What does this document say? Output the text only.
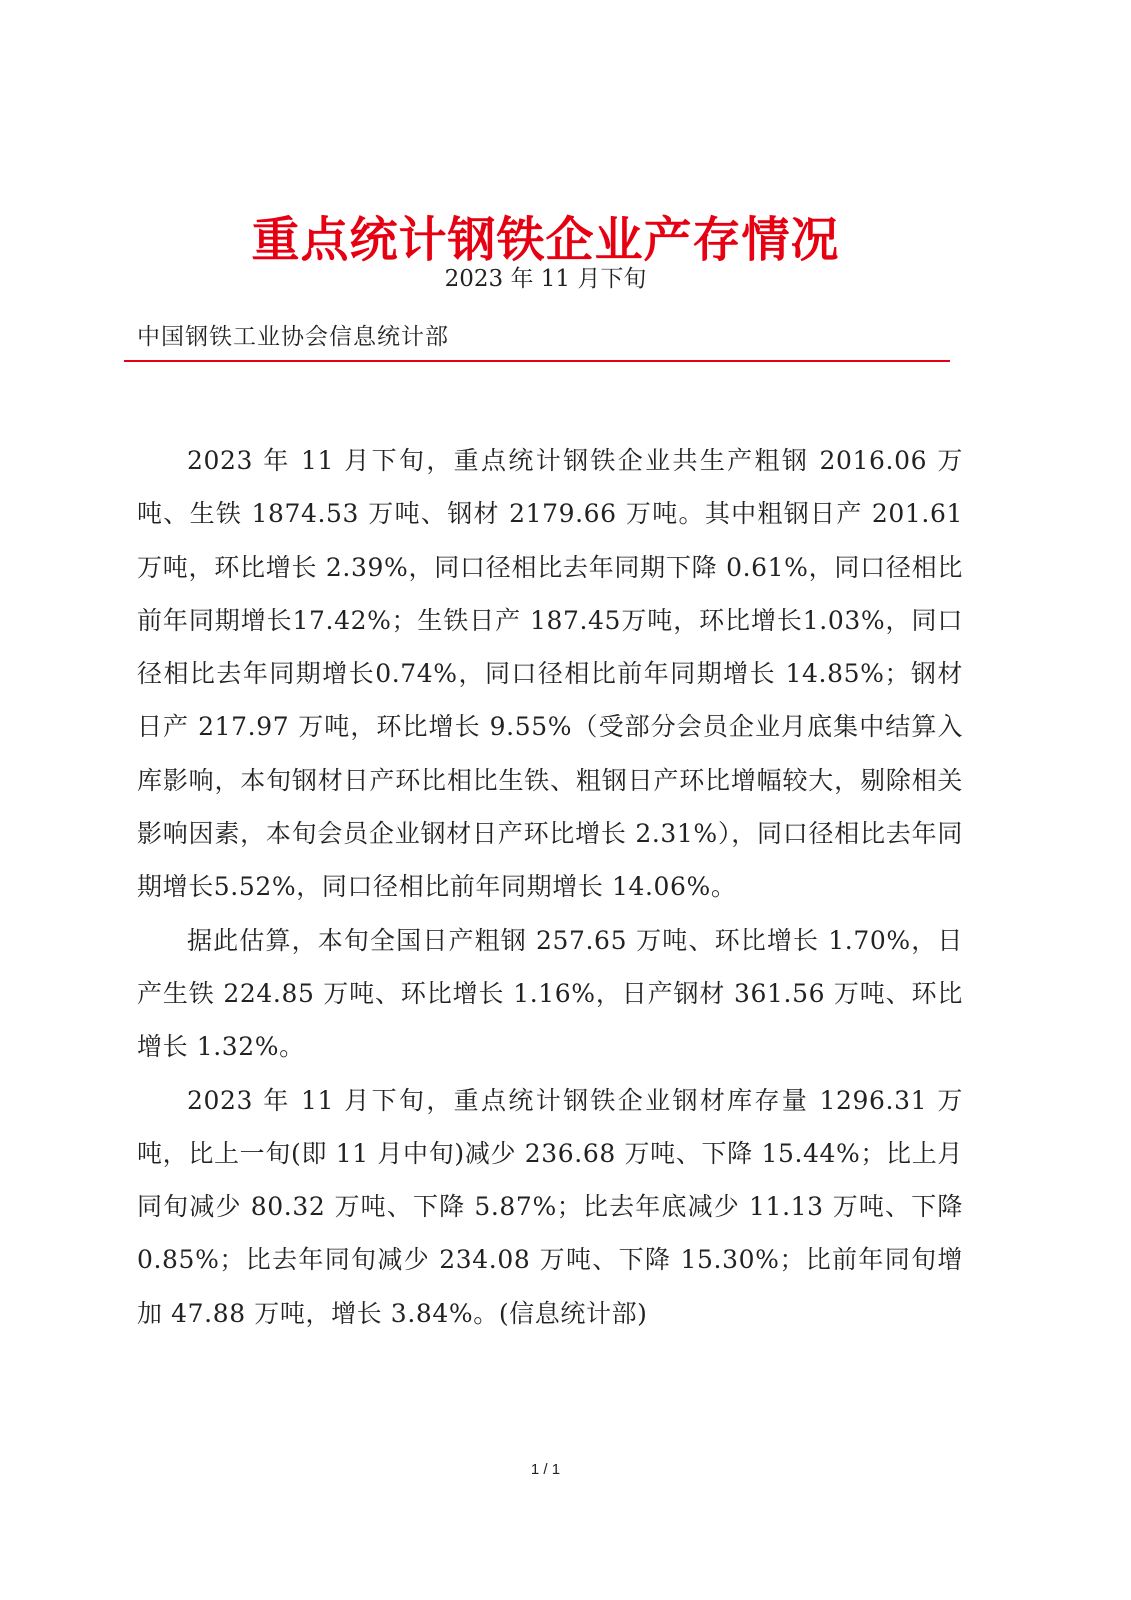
重点统计钢铁企业产存情况
2023 年 11 月下旬
中国钢铁工业协会信息统计部

2023 年 11 月下旬，重点统计钢铁企业共生产粗钢 2016.06 万吨、生铁 1874.53 万吨、钢材 2179.66 万吨。其中粗钢日产 201.61 万吨，环比增长 2.39%，同口径相比去年同期下降 0.61%，同口径相比前年同期增长17.42%；生铁日产 187.45万吨，环比增长1.03%，同口径相比去年同期增长0.74%，同口径相比前年同期增长 14.85%；钢材日产 217.97 万吨，环比增长 9.55%（受部分会员企业月底集中结算入库影响，本旬钢材日产环比相比生铁、粗钢日产环比增幅较大，剔除相关影响因素，本旬会员企业钢材日产环比增长 2.31%），同口径相比去年同期增长5.52%，同口径相比前年同期增长 14.06%。

据此估算，本旬全国日产粗钢 257.65 万吨、环比增长 1.70%，日产生铁 224.85 万吨、环比增长 1.16%，日产钢材 361.56 万吨、环比增长 1.32%。

2023 年 11 月下旬，重点统计钢铁企业钢材库存量 1296.31 万吨，比上一旬(即 11 月中旬)减少 236.68 万吨、下降 15.44%；比上月同旬减少 80.32 万吨、下降 5.87%；比去年底减少 11.13 万吨、下降 0.85%；比去年同旬减少 234.08 万吨、下降 15.30%；比前年同旬增加 47.88 万吨，增长 3.84%。(信息统计部)

1 / 1
